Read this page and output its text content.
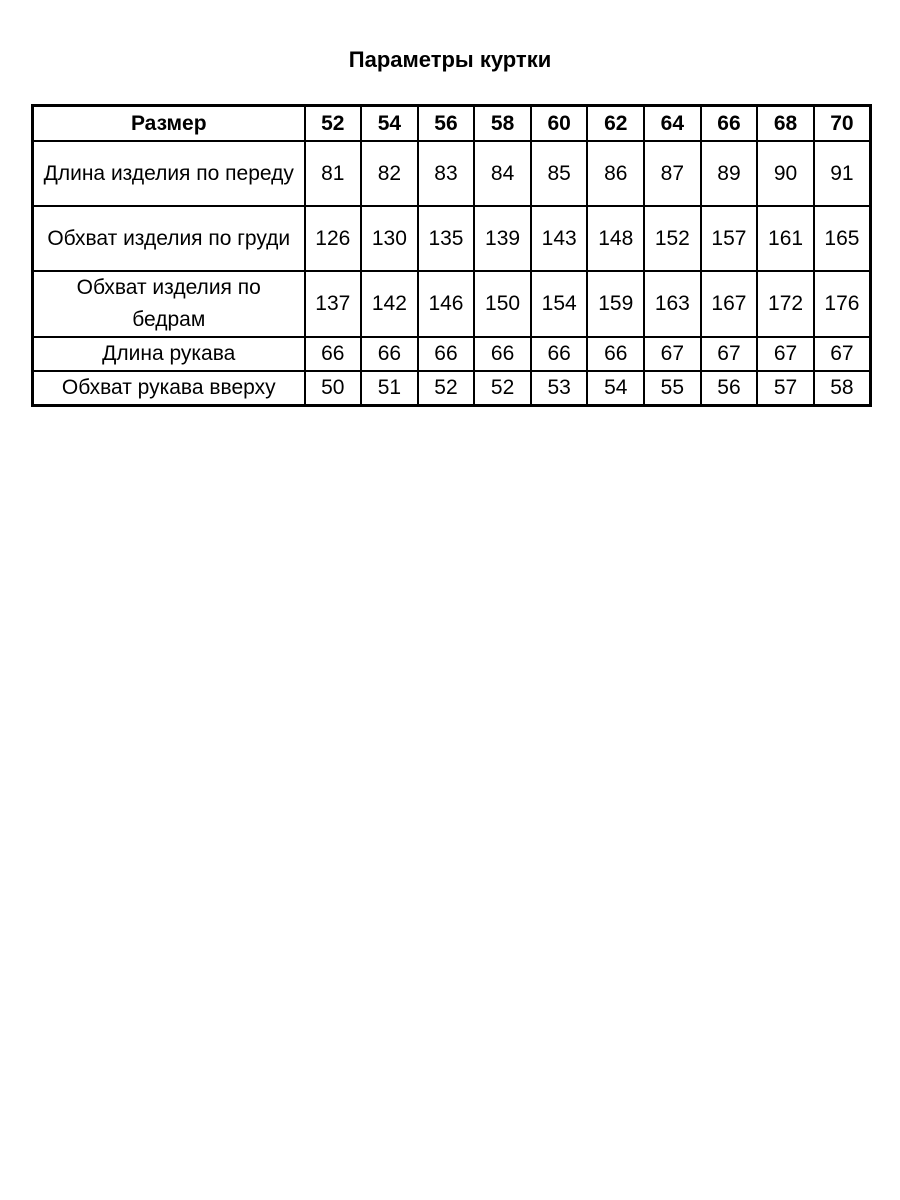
Параметры куртки
Размер	52	54	56	58	60	62	64	66	68	70
Длина изделия по переду	81	82	83	84	85	86	87	89	90	91
Обхват изделия по груди	126	130	135	139	143	148	152	157	161	165
Обхват изделия по бедрам	137	142	146	150	154	159	163	167	172	176
Длина рукава	66	66	66	66	66	66	67	67	67	67
Обхват рукава вверху	50	51	52	52	53	54	55	56	57	58
